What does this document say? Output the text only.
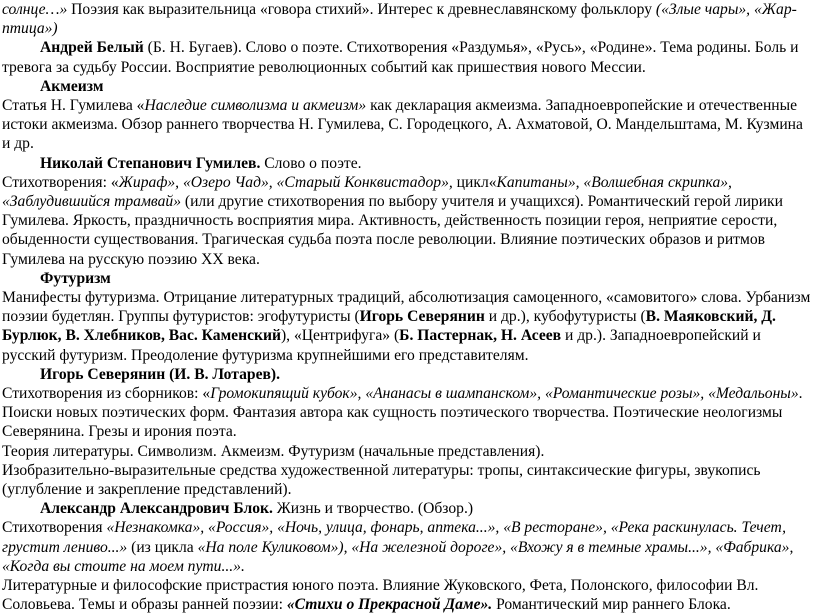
солнце…» Поэзия как выразительница «говора стихий». Интерес к древнеславянскому фольклору («Злые чары», «Жар-птица»)

Андрей Белый (Б. Н. Бугаев). Слово о поэте. Стихотворения «Раздумья», «Русь», «Родине». Тема родины. Боль и тревога за судьбу России. Восприятие революционных событий как пришествия нового Мессии.

Акмеизм

Статья Н. Гумилева «Наследие символизма и акмеизм» как декларация акмеизма. Западноевропейские и отечественные истоки акмеизма. Обзор раннего творчества Н. Гумилева, С. Городецкого, А. Ахматовой, О. Мандельштама, М. Кузмина и др.

Николай Степанович Гумилев. Слово о поэте.

Стихотворения: «Жираф», «Озеро Чад», «Старый Конквистадор», цикл«Капитаны», «Волшебная скрипка», «Заблудившийся трамвай» (или другие стихотворения по выбору учителя и учащихся). Романтический герой лирики Гумилева. Яркость, праздничность восприятия мира. Активность, действенность позиции героя, неприятие серости, обыденности существования. Трагическая судьба поэта после революции. Влияние поэтических образов и ритмов Гумилева на русскую поэзию XX века.

Футуризм

Манифесты футуризма. Отрицание литературных традиций, абсолютизация самоценного, «самовитого» слова. Урбанизм поэзии будетлян. Группы футуристов: эгофутуристы (Игорь Северянин и др.), кубофутуристы (В. Маяковский, Д. Бурлюк, В. Хлебников, Вас. Каменский), «Центрифуга» (Б. Пастернак, Н. Асеев и др.). Западноевропейский и русский футуризм. Преодоление футуризма крупнейшими его представителям.

Игорь Северянин (И. В. Лотарев).

Стихотворения из сборников: «Громокипящий кубок», «Ананасы в шампанском», «Романтические розы», «Медальоны». Поиски новых поэтических форм. Фантазия автора как сущность поэтического творчества. Поэтические неологизмы Северянина. Грезы и ирония поэта.

Теория литературы. Символизм. Акмеизм. Футуризм (начальные представления).

Изобразительно-выразительные средства художественной литературы: тропы, синтаксические фигуры, звукопись (углубление и закрепление представлений).

Александр Александрович Блок. Жизнь и творчество. (Обзор.)

Стихотворения «Незнакомка», «Россия», «Ночь, улица, фонарь, аптека...», «В ресторане», «Река раскинулась. Течет, грустит лениво...» (из цикла «На поле Куликовом»), «На железной дороге», «Вхожу я в темные храмы...», «Фабрика», «Когда вы стоите на моем пути...».

Литературные и философские пристрастия юного поэта. Влияние Жуковского, Фета, Полонского, философии Вл. Соловьева. Темы и образы ранней поэзии: «Стихи о Прекрасной Даме». Романтический мир раннего Блока.
